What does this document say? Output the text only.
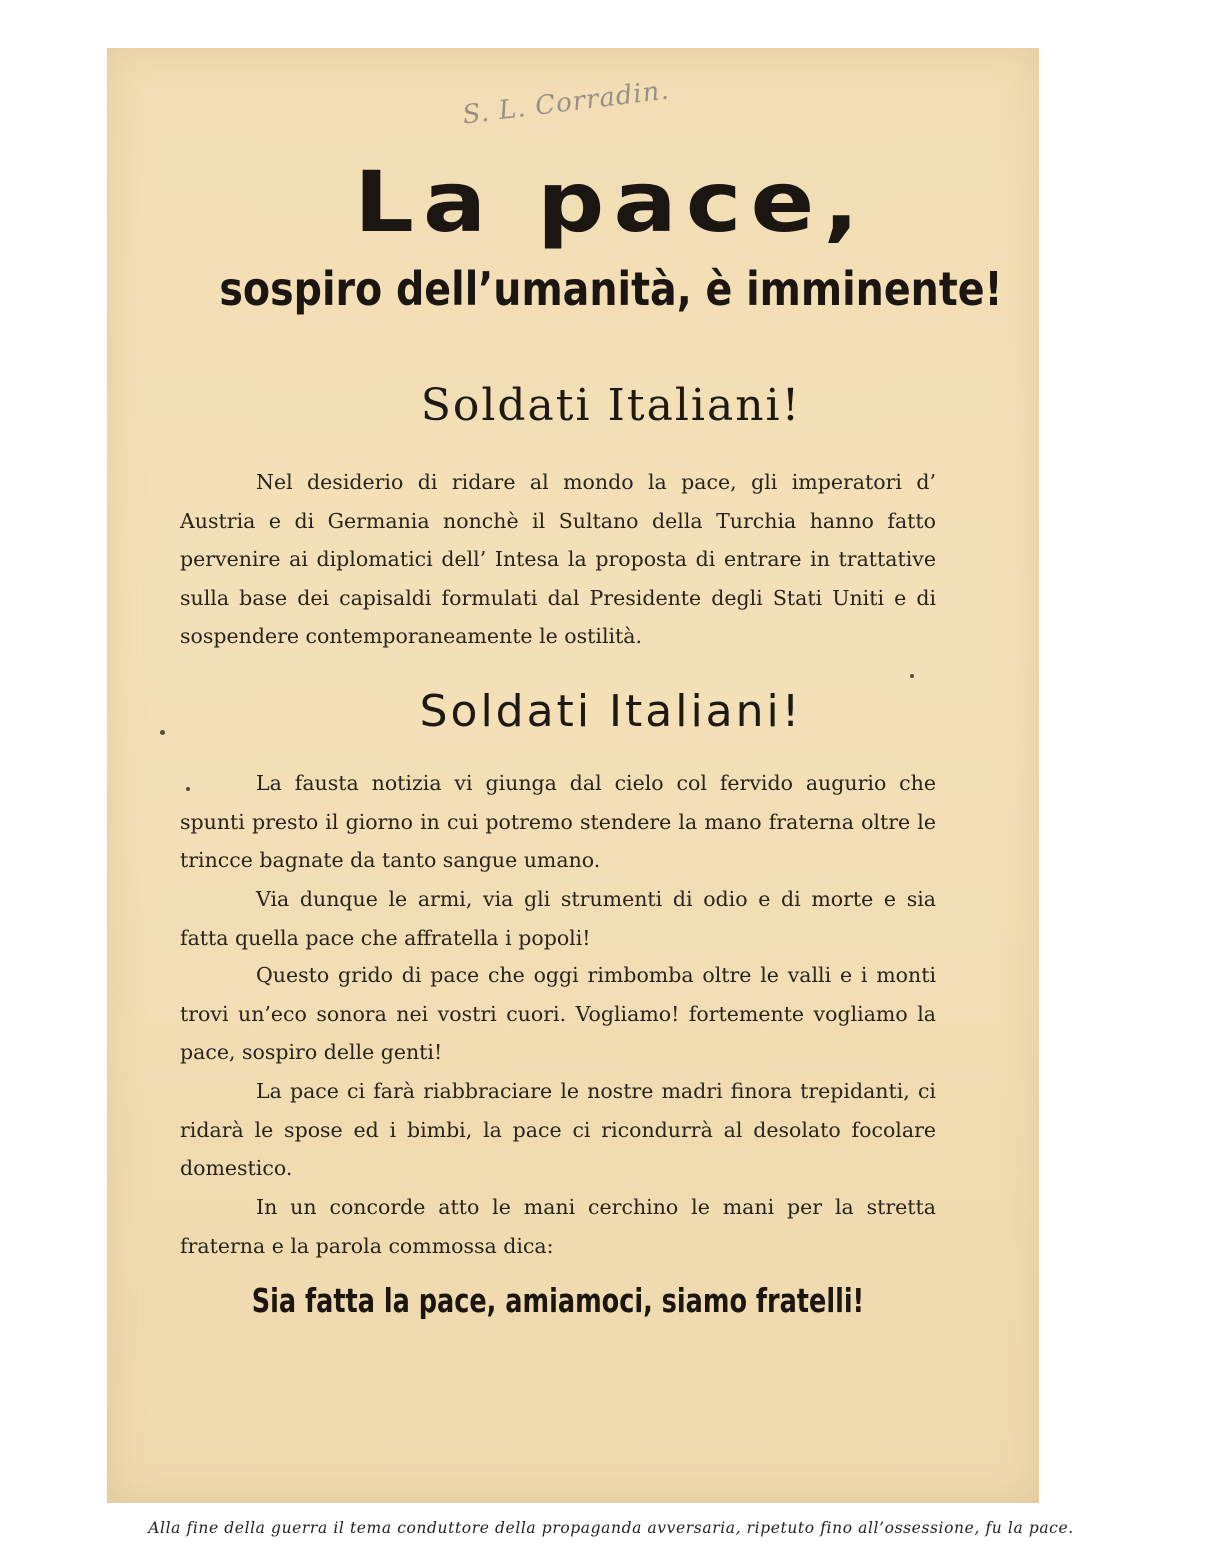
S. L. Corradin.
La pace,
sospiro dell’umanità, è imminente!
Soldati Italiani!

Nel desiderio di ridare al mondo la pace, gli imperatori d’ Austria e di Germania nonchè il Sultano della Turchia hanno fatto pervenire ai diplomatici dell’ Intesa la proposta di entrare in trattative sulla base dei capisaldi formulati dal Presidente degli Stati Uniti e di sospendere contemporaneamente le ostilità.

Soldati Italiani!

La fausta notizia vi giunga dal cielo col fervido augurio che spunti presto il giorno in cui potremo stendere la mano fraterna oltre le trincce bagnate da tanto sangue umano.

Via dunque le armi, via gli strumenti di odio e di morte e sia fatta quella pace che affratella i popoli!

Questo grido di pace che oggi rimbomba oltre le valli e i monti trovi un’eco sonora nei vostri cuori. Vogliamo! fortemente vogliamo la pace, sospiro delle genti!

La pace ci farà riabbraciare le nostre madri finora trepidanti, ci ridarà le spose ed i bimbi, la pace ci ricondurrà al desolato focolare domestico.

In un concorde atto le mani cerchino le mani per la stretta fraterna e la parola commossa dica:

Sia fatta la pace, amiamoci, siamo fratelli!
Alla fine della guerra il tema conduttore della propaganda avversaria, ripetuto fino all’ossessione, fu la pace.
